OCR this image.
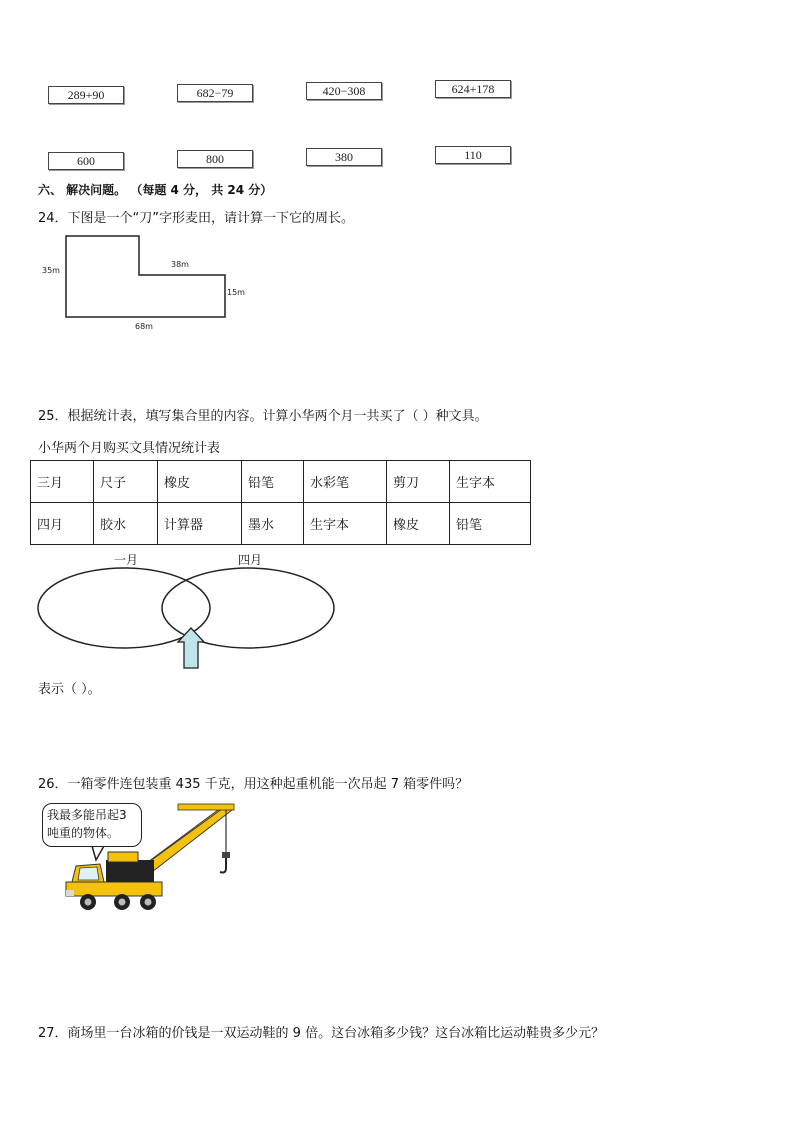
289+90	682−79	420−308	624+178
600	800	380	110
六、 解决问题。 （每题 4 分， 共 24 分）
24．下图是一个“刀”字形麦田，请计算一下它的周长。
35m
38m
15m
68m
25．根据统计表，填写集合里的内容。计算小华两个月一共买了（ ）种文具。
小华两个月购买文具情况统计表
三月	尺子	橡皮	铅笔	水彩笔	剪刀	生字本
四月	胶水	计算器	墨水	生字本	橡皮	铅笔
一月	四月
表示（ ）。
26．一箱零件连包装重 435 千克，用这种起重机能一次吊起 7 箱零件吗？
我最多能吊起3
吨重的物体。
27．商场里一台冰箱的价钱是一双运动鞋的 9 倍。这台冰箱多少钱？这台冰箱比运动鞋贵多少元？
